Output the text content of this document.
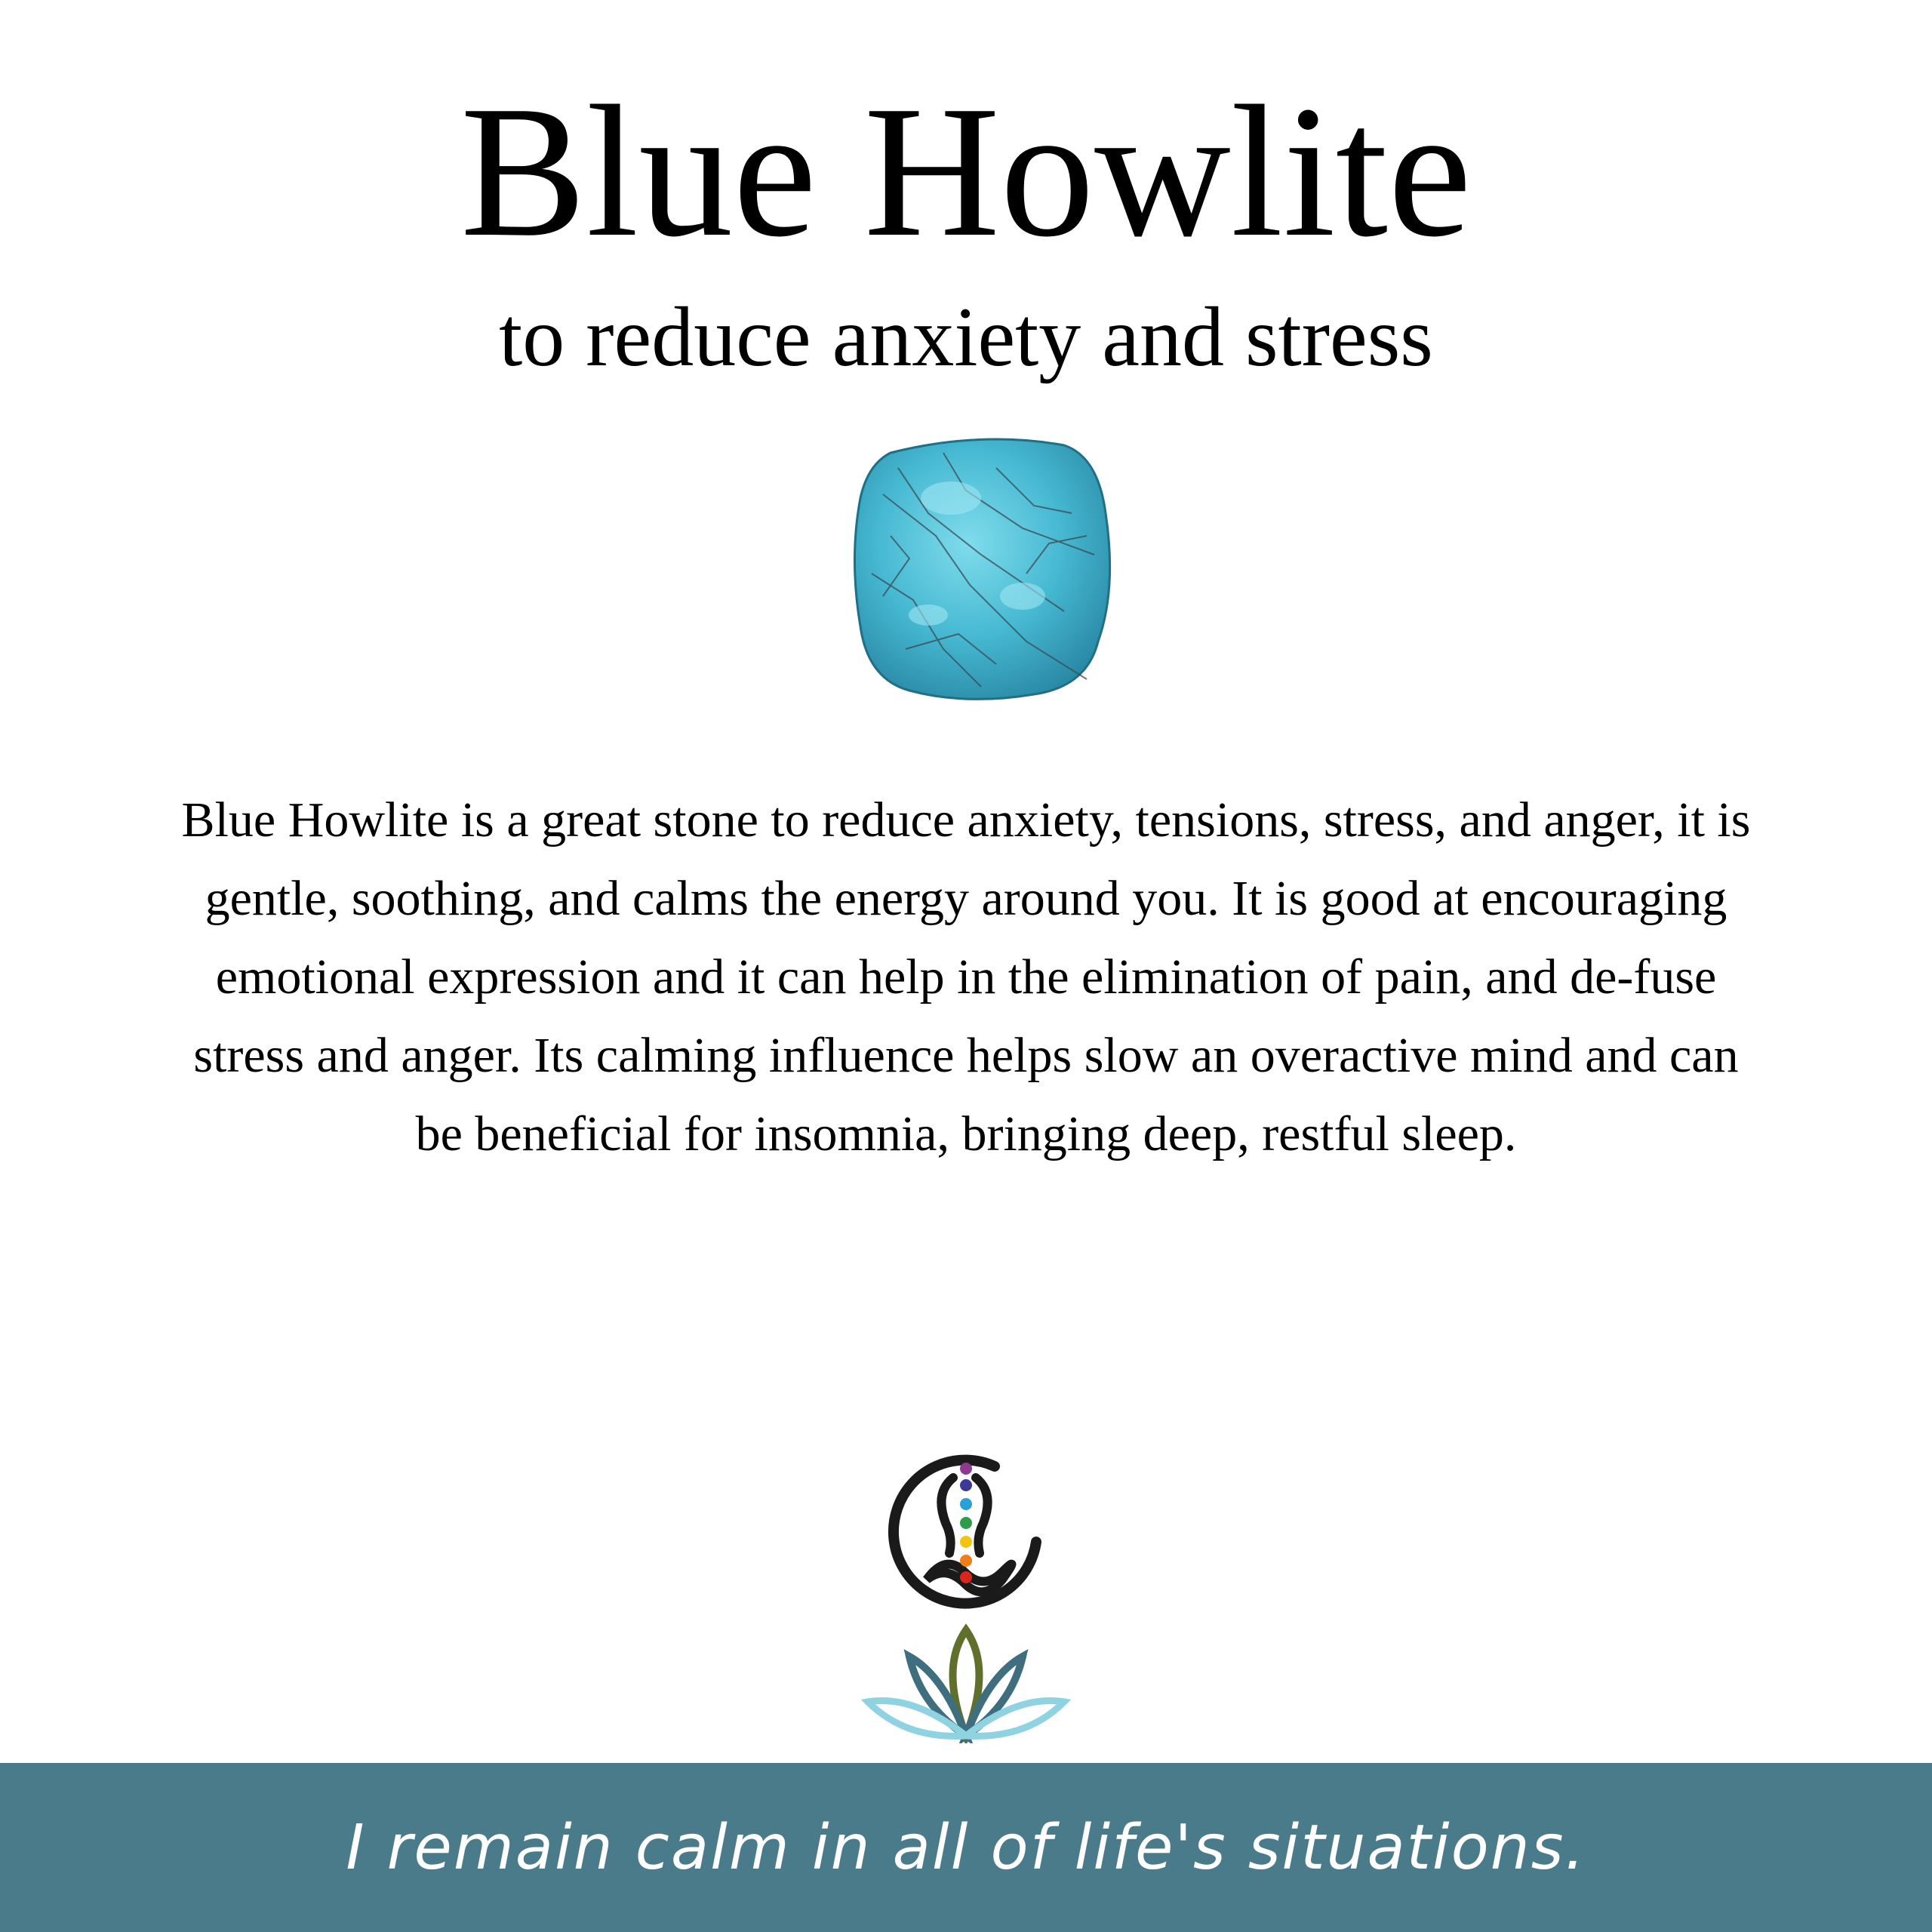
Blue Howlite

to reduce anxiety and stress

Blue Howlite is a great stone to reduce anxiety, tensions, stress, and anger, it is gentle, soothing, and calms the energy around you. It is good at encouraging emotional expression and it can help in the elimination of pain, and de-fuse stress and anger. Its calming influence helps slow an overactive mind and can be beneficial for insomnia, bringing deep, restful sleep.

I remain calm in all of life's situations.
